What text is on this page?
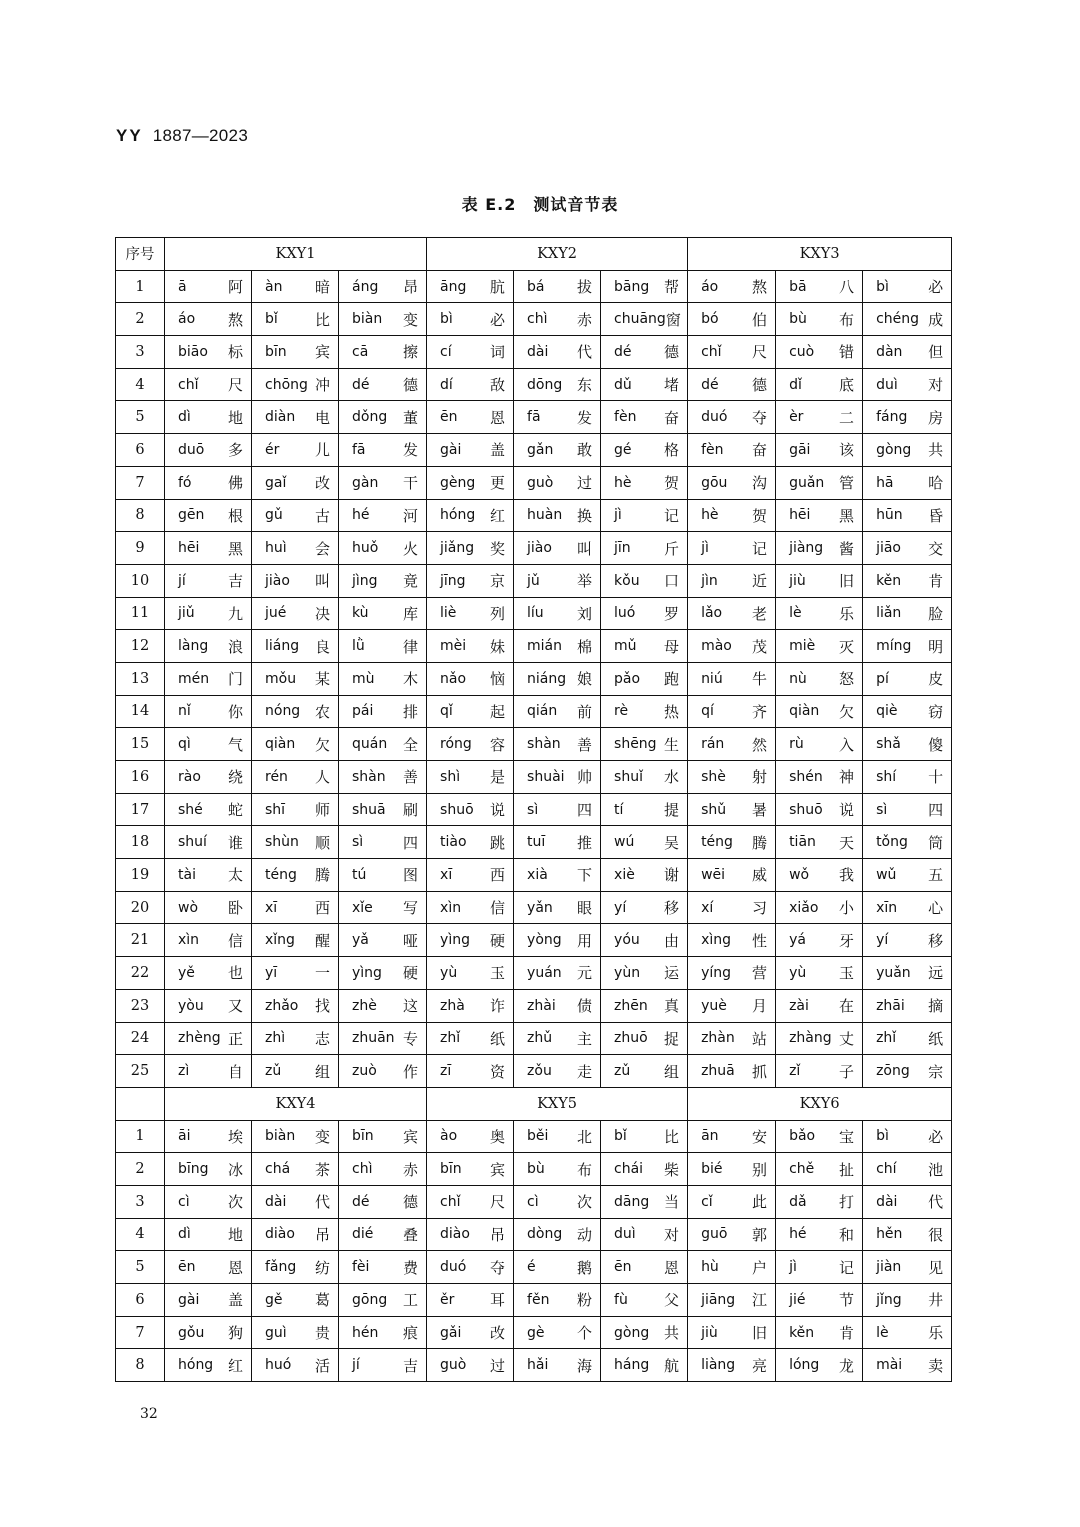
YY 1887—2023
表 E.2　测试音节表
序号	KXY1			KXY2			KXY3		
1	ā 阿	àn 暗	áng 昂	āng 肮	bá 拔	bāng 帮	áo 熬	bā 八	bì 必

2	áo 熬	bǐ 比	biàn 变	bì 必	chì 赤	chuāng 窗	bó 伯	bù 布	chéng 成

3	biāo 标	bīn 宾	cā 擦	cí 词	dài 代	dé 德	chǐ 尺	cuò 错	dàn 但

4	chǐ 尺	chōng 冲	dé 德	dí 敌	dōng 东	dǔ 堵	dé 德	dǐ 底	duì 对

5	dì 地	diàn 电	dǒng 董	ēn 恩	fā 发	fèn 奋	duó 夺	èr 二	fáng 房

6	duō 多	ér 儿	fā 发	gài 盖	gǎn 敢	gé 格	fèn 奋	gāi 该	gòng 共

7	fó 佛	gaǐ 改	gàn 干	gèng 更	guò 过	hè 贺	gōu 沟	guǎn 管	hā 哈

8	gēn 根	gǔ 古	hé 河	hóng 红	huàn 换	jì 记	hè 贺	hēi 黑	hūn 昏

9	hēi 黑	huì 会	huǒ 火	jiǎng 奖	jiào 叫	jīn 斤	jì 记	jiàng 酱	jiāo 交

10	jí 吉	jiào 叫	jìng 竟	jīng 京	jǔ 举	kǒu 口	jìn 近	jiù 旧	kěn 肯

11	jiǔ 九	jué 决	kù 库	liè 列	líu 刘	luó 罗	lǎo 老	lè 乐	liǎn 脸

12	làng 浪	liáng 良	lǜ 律	mèi 妹	mián 棉	mǔ 母	mào 茂	miè 灭	míng 明

13	mén 门	mǒu 某	mù 木	nǎo 恼	niáng 娘	pǎo 跑	niú 牛	nù 怒	pí 皮

14	nǐ 你	nóng 农	pái 排	qǐ 起	qián 前	rè 热	qí 齐	qiàn 欠	qiè 窃

15	qì 气	qiàn 欠	quán 全	róng 容	shàn 善	shēng 生	rán 然	rù 入	shǎ 傻

16	rào 绕	rén 人	shàn 善	shì 是	shuài 帅	shuǐ 水	shè 射	shén 神	shí 十

17	shé 蛇	shī 师	shuā 刷	shuō 说	sì 四	tí 提	shǔ 暑	shuō 说	sì 四

18	shuí 谁	shùn 顺	sì 四	tiào 跳	tuī 推	wú 吴	téng 腾	tiān 天	tǒng 筒

19	tài 太	téng 腾	tú 图	xī 西	xià 下	xiè 谢	wēi 威	wǒ 我	wǔ 五

20	wò 卧	xī 西	xǐe 写	xìn 信	yǎn 眼	yí 移	xí 习	xiǎo 小	xīn 心

21	xìn 信	xǐng 醒	yǎ 哑	yìng 硬	yòng 用	yóu 由	xìng 性	yá 牙	yí 移

22	yě 也	yī 一	yìng 硬	yù 玉	yuán 元	yùn 运	yíng 营	yù 玉	yuǎn 远

23	yòu 又	zhǎo 找	zhè 这	zhà 诈	zhài 债	zhēn 真	yuè 月	zài 在	zhāi 摘

24	zhèng 正	zhì 志	zhuān 专	zhǐ 纸	zhǔ 主	zhuō 捉	zhàn 站	zhàng 丈	zhǐ 纸

25	zì 自	zǔ 组	zuò 作	zī 资	zǒu 走	zǔ 组	zhuā 抓	zǐ 子	zōng 宗

	KXY4			KXY5			KXY6		
1	āi 埃	biàn 变	bīn 宾	ào 奥	běi 北	bǐ 比	ān 安	bǎo 宝	bì 必

2	bīng 冰	chá 茶	chì 赤	bīn 宾	bù 布	chái 柴	bié 别	chě 扯	chí 池

3	cì 次	dài 代	dé 德	chǐ 尺	cì 次	dāng 当	cǐ 此	dǎ 打	dài 代

4	dì 地	diào 吊	dié 叠	diào 吊	dòng 动	duì 对	guō 郭	hé 和	hěn 很

5	ēn 恩	fǎng 纺	fèi 费	duó 夺	é 鹅	ēn 恩	hù 户	jì 记	jiàn 见

6	gài 盖	gě 葛	gōng 工	ěr 耳	fěn 粉	fù 父	jiāng 江	jié 节	jǐng 井

7	gǒu 狗	guì 贵	hén 痕	gǎi 改	gè 个	gòng 共	jiù 旧	kěn 肯	lè 乐

8	hóng 红	huó 活	jí 吉	guò 过	hǎi 海	háng 航	liàng 亮	lóng 龙	mài 卖
32
